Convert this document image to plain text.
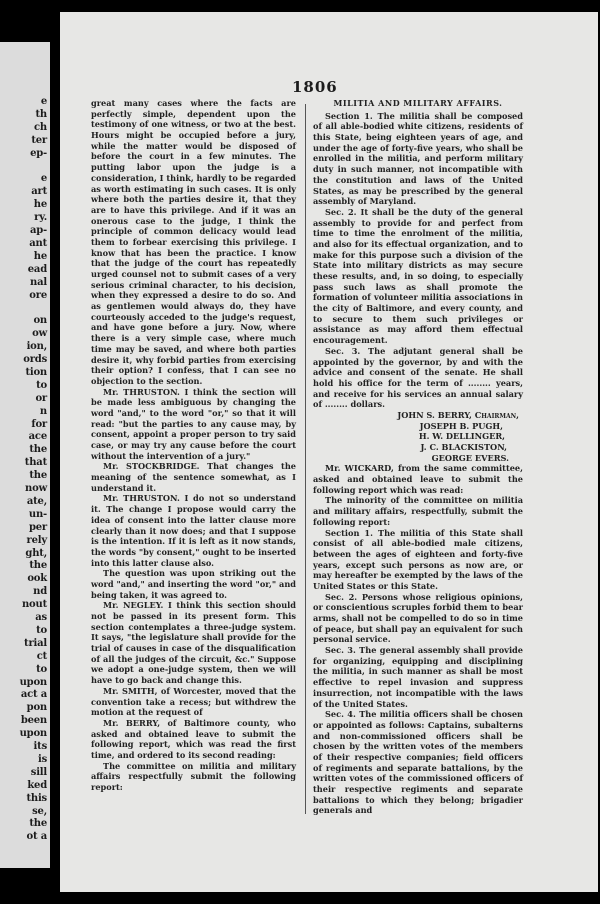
e
th
ch
ter
ep-
e
art
he
ry.
ap-
ant
he
ead
nal
ore
on
ow
ion,
ords
tion
to
or
n
for
ace
the
that
the
now
ate,
un-
per
rely
ght,
the
ook
nd
nout
as
to
trial
ct
to
upon
act a
pon
been
upon
its
is
sill
ked
this
se,
the
ot a
1806

great many cases where the facts are perfectly simple, dependent upon the testimony of one witness, or two at the best. Hours might be occupied before a jury, while the matter would be disposed of before the court in a few minutes. The putting labor upon the judge is a consideration, I think, hardly to be regarded as worth estimating in such cases. It is only where both the parties desire it, that they are to have this privilege. And if it was an onerous case to the judge, I think the principle of common delicacy would lead them to forbear exercising this privilege. I know that has been the practice. I know that the judge of the court has repeatedly urged counsel not to submit cases of a very serious criminal character, to his decision, when they expressed a desire to do so. And as gentlemen would always do, they have courteously acceded to the judge's request, and have gone before a jury. Now, where there is a very simple case, where much time may be saved, and where both parties desire it, why forbid parties from exercising their option? I confess, that I can see no objection to the section.

Mr. THRUSTON. I think the section will be made less ambiguous by changing the word "and," to the word "or," so that it will read: "but the parties to any cause may, by consent, appoint a proper person to try said case, or may try any cause before the court without the intervention of a jury."

Mr. STOCKBRIDGE. That changes the meaning of the sentence somewhat, as I understand it.

Mr. THRUSTON. I do not so understand it. The change I propose would carry the idea of consent into the latter clause more clearly than it now does; and that I suppose is the intention. If it is left as it now stands, the words "by consent," ought to be inserted into this latter clause also.

The question was upon striking out the word "and," and inserting the word "or," and being taken, it was agreed to.

Mr. NEGLEY. I think this section should not be passed in its present form. This section contemplates a three-judge system. It says, "the legislature shall provide for the trial of causes in case of the disqualification of all the judges of the circuit, &c." Suppose we adopt a one-judge system, then we will have to go back and change this.

Mr. SMITH, of Worcester, moved that the convention take a recess; but withdrew the motion at the request of

Mr. BERRY, of Baltimore county, who asked and obtained leave to submit the following report, which was read the first time, and ordered to its second reading:

The committee on militia and military affairs respectfully submit the following report:

MILITIA AND MILITARY AFFAIRS.

Section 1. The militia shall be composed of all able-bodied white citizens, residents of this State, being eighteen years of age, and under the age of forty-five years, who shall be enrolled in the militia, and perform military duty in such manner, not incompatible with the constitution and laws of the United States, as may be prescribed by the general assembly of Maryland.

Sec. 2. It shall be the duty of the general assembly to provide for and perfect from time to time the enrolment of the militia, and also for its effectual organization, and to make for this purpose such a division of the State into military districts as may secure these results, and, in so doing, to especially pass such laws as shall promote the formation of volunteer militia associations in the city of Baltimore, and every county, and to secure to them such privileges or assistance as may afford them effectual encouragement.

Sec. 3. The adjutant general shall be appointed by the governor, by and with the advice and consent of the senate. He shall hold his office for the term of ........ years, and receive for his services an annual salary of ........ dollars.

JOHN S. BERRY, Chairman,

JOSEPH B. PUGH,

H. W. DELLINGER,

J. C. BLACKISTON,

GEORGE EVERS.

Mr. WICKARD, from the same committee, asked and obtained leave to submit the following report which was read:

The minority of the committee on militia and military affairs, respectfully, submit the following report:

Section 1. The militia of this State shall consist of all able-bodied male citizens, between the ages of eighteen and forty-five years, except such persons as now are, or may hereafter be exempted by the laws of the United States or this State.

Sec. 2. Persons whose religious opinions, or conscientious scruples forbid them to bear arms, shall not be compelled to do so in time of peace, but shall pay an equivalent for such personal service.

Sec. 3. The general assembly shall provide for organizing, equipping and disciplining the militia, in such manner as shall be most effective to repel invasion and suppress insurrection, not incompatible with the laws of the United States.

Sec. 4. The militia officers shall be chosen or appointed as follows: Captains, subalterns and non-commissioned officers shall be chosen by the written votes of the members of their respective companies; field officers of regiments and separate battalions, by the written votes of the commissioned officers of their respective regiments and separate battalions to which they belong; brigadier generals and
